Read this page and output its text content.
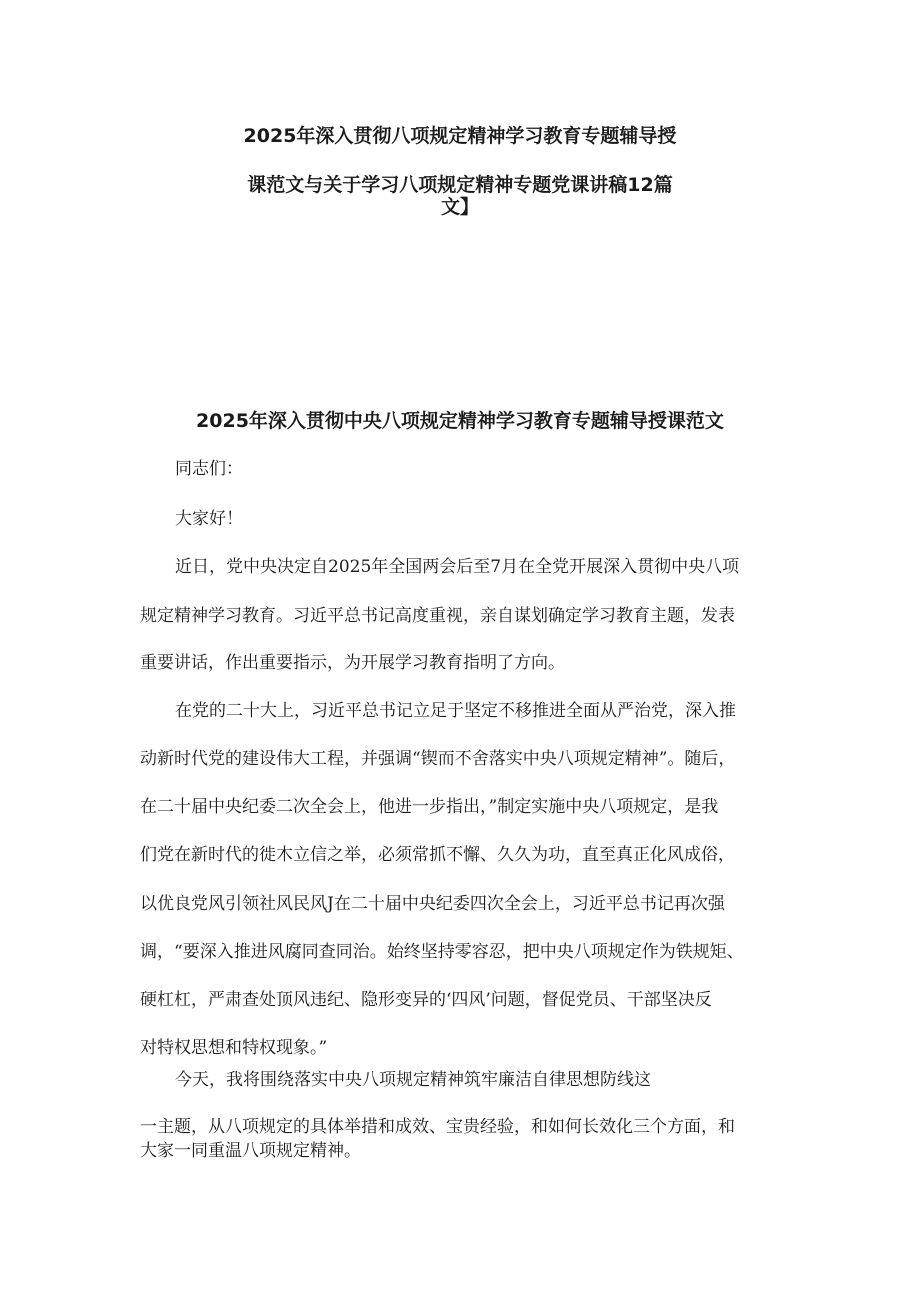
2025年深入贯彻八项规定精神学习教育专题辅导授
课范文与关于学习八项规定精神专题党课讲稿12篇
文】
2025年深入贯彻中央八项规定精神学习教育专题辅导授课范文
同志们：
大家好！
近日，党中央决定自2025年全国两会后至7月在全党开展深入贯彻中央八项
规定精神学习教育。习近平总书记高度重视，亲自谋划确定学习教育主题，发表
重要讲话，作出重要指示，为开展学习教育指明了方向。
在党的二十大上，习近平总书记立足于坚定不移推进全面从严治党，深入推
动新时代党的建设伟大工程，并强调“锲而不舍落实中央八项规定精神”。随后，
在二十届中央纪委二次全会上，他进一步指出，”制定实施中央八项规定，是我
们党在新时代的徙木立信之举，必须常抓不懈、久久为功，直至真正化风成俗，
以优良党风引领社风民风J在二十届中央纪委四次全会上，习近平总书记再次强
调，“要深入推进风腐同查同治。始终坚持零容忍，把中央八项规定作为铁规矩、
硬杠杠，严肃查处顶风违纪、隐形变异的‘四风’问题，督促党员、干部坚决反
对特权思想和特权现象。”
今天，我将围绕落实中央八项规定精神筑牢廉洁自律思想防线这
一主题，从八项规定的具体举措和成效、宝贵经验，和如何长效化三个方面，和
大家一同重温八项规定精神。
